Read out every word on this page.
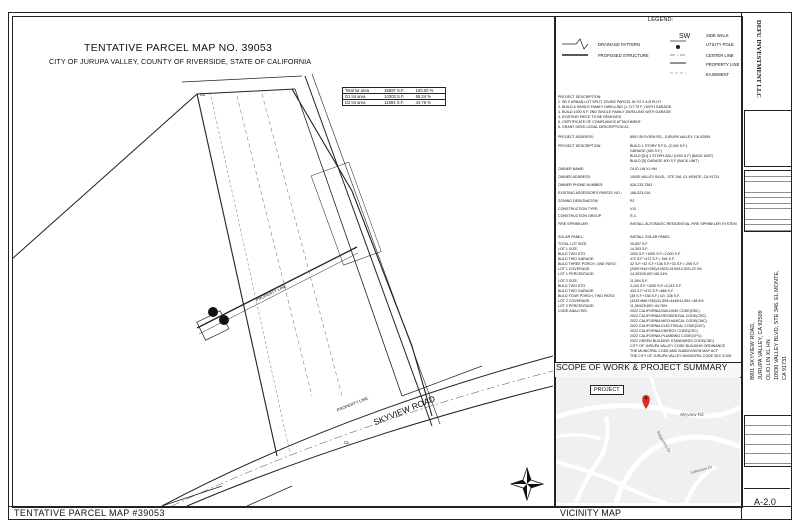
TENTATIVE PARCEL MAP NO. 39053
CITY OF JURUPA VALLEY, COUNTY OF RIVERSIDE, STATE OF CALIFORNIA
Total lot area	25897 S.F.	100.00 %
D1 lot area	14303 S.F.	55.24 %
D2 lot area	11594 S.F.	44.76 %
SKYVIEW ROAD
CL
CL
PROPERTY LINE
PROPERTY LINE
LEGEND:
SW
DRAINAGE PATTERN
PROPOSED STRUCTURE
SIDE WALK
UTILITY POLE
CENTER LINE
PROPERTY LINE
EASEMENT
PROJECT DESCRIPTION:
1. SB 9 URBAN LOT SPLIT. DIVIDE PARCEL IN TO 2 A.B PLOT
2. BUILD A SINGLE FAMILY DWELLING (1,717.79 F ) WITH GARAGE.
3. BUILD 1000 S.F. 2ND SINGLE FAMILY DWELLING WITH GARAGE
4. EXISTING PIECE TO BE REMOVED
5. CERTIFICATE OF COMPLIANCE ATTACHMENT
6. GRANT DEED LEGAL DESCRIPTION A1
PROJECT ADDRESS:	8901 SKYVIEW RD., JURUPA VALLEY, CA 92509
PROJECT DESCRIPTION:	BUILD 1 STORY S.F.D. (2,000 S.F.)
GARAGE (450 S.F.)
BUILD [D1] 1 STORY ADU (1000 S.F) (BACK UNIT)
BUILD [D] GARAGE 400 S.F (BACK UNIT)
OWNER NAME:	OLIO LIN XL HN
OWNER ADDRESS:	10930 VALLEY BLVD., STE 346, EL MONTE, CA 91731
OWNER PHONE NUMBER:	626-233-7581
EXISTING ASSESSOR'S PARCEL NO.: 186-023-016
ZONING DESIGNATION:	R1
CONSTRUCTION TYPE:	V-B
CONSTRUCTION GROUP:	R-3
FIRE SPRINKLER:	INSTALL AUTOMATIC RESIDENTIAL FIRE SPRINKLER SYSTEM
SOLAR PANEL:	INSTALL SOLAR PANEL
TOTAL LOT SIZE:	25,897 S.F.
LOT 1 SIZE:	14,303 S.F.
BULD TWO STO.	1000 S.F.+1000 S.F.=2,000 S.F.
BULD TWO GARAGE:	472 S.F.+472 S.F.= 944 S.F.
BULD THREE PORCH, ONE PATIO:	32 S.F.+32 S.F.+138 S.F.+33 S.F.= 295 S.F.
LOT 1 COVERAGE:	(2000+944+295)/14303=3199/14,303=22.3%
LOT 1 PERCENTAGE:	14,303/25,897=55.24%
LOT 2 SIZE:	11,594 S.F.
BULD TWO STO.	2,243 S.F.+1000 S.F.=3,243 S.F.
BULD TWO GARAGE:	433 S.F.+472 S.F.=866 S.F.
BULD FOUR PORCH, TWO PATIO:	(35 S.F.+138 S.F.) x2= 336 S.F.
LOT 2 COVERAGE:	(3243+866+336)/11,594=4445/11,594 =38.3%
LOT 2 PERCENTAGE:	11,594/25,897=44.76%
CODE ANALYSIS:	2022 CALIFORNIA BUILDING CODE(CBC)
2022 CALIFORNIA RESIDENTIAL CODE(CRC)
2022 CALIFORNIA MECHANICAL CODE(CMC)
2022 CALIFORNIA ELECTRICAL CODE(CEC)
2022 CALIFORNIA ENERGY CODE(CEC)
2022 CALIFORNIA PLUMBING CODE(CPC)
2022 GREEN BUILDING STANDARDS CODE(CBC)
CITY OF JURUPA VALLEY CODE BUILDING ORDINANCE
THE MUNICIPAL CODE AND SUBDIVISION MAP ACT
THE CITY OF JURUPA VALLEY MUNICIPAL CODE SEC 9.205
SCOPE OF WORK & PROJECT SUMMARY
PROJECT
Skyview Rd
Ridgeview Dr
Lakeview Dr
DEFU INVESTMENT LLC
8901 SKYVIEW ROAD, JURUPA VALLEY, CA 92509 OLIO LIN XL HN 10930 VALLEY BLVD, STE 346, EL MONTE, CA 91731
A-2.0
TENTATIVE PARCEL MAP #39053	VICINITY MAP
